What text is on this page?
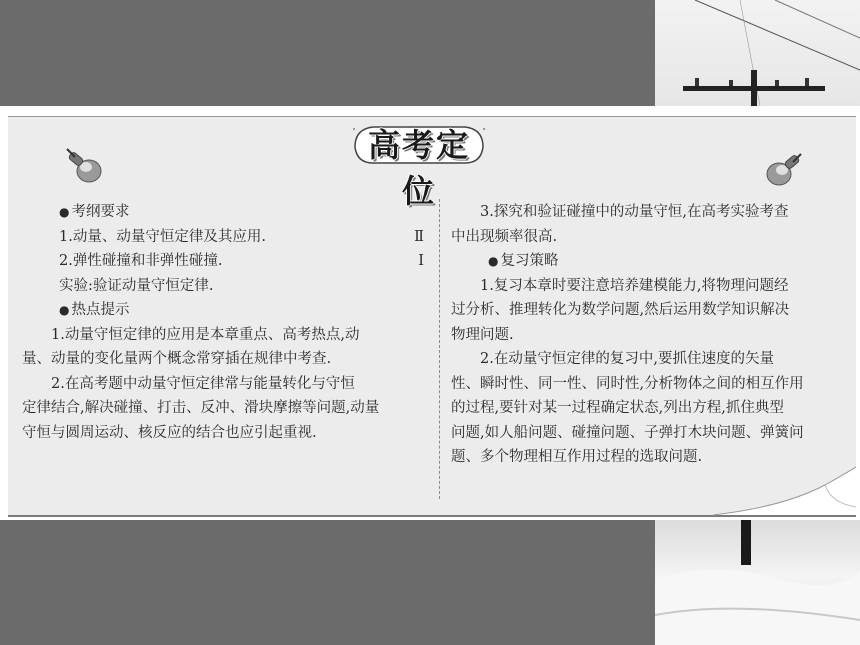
高考定位
● 考纲要求
1.动量、动量守恒定律及其应用.	Ⅱ
2.弹性碰撞和非弹性碰撞.	Ⅰ
实验:验证动量守恒定律.
● 热点提示
1.动量守恒定律的应用是本章重点、高考热点,动
量、动量的变化量两个概念常穿插在规律中考查.
2.在高考题中动量守恒定律常与能量转化与守恒
定律结合,解决碰撞、打击、反冲、滑块摩擦等问题,动量
守恒与圆周运动、核反应的结合也应引起重视.
3.探究和验证碰撞中的动量守恒,在高考实验考查
中出现频率很高.
● 复习策略
1.复习本章时要注意培养建模能力,将物理问题经
过分析、推理转化为数学问题,然后运用数学知识解决
物理问题.
2.在动量守恒定律的复习中,要抓住速度的矢量
性、瞬时性、同一性、同时性,分析物体之间的相互作用
的过程,要针对某一过程确定状态,列出方程,抓住典型
问题,如人船问题、碰撞问题、子弹打木块问题、弹簧问
题、多个物理相互作用过程的选取问题.
